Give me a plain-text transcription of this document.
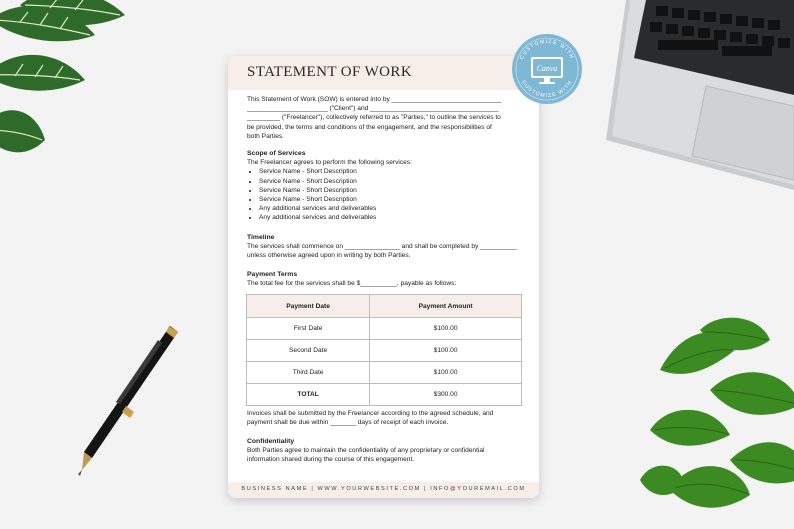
STATEMENT OF WORK

This Statement of Work (SOW) is entered into by ______________________________

______________________ ("Client") and ___________________________________

_________ ("Freelancer"), collectively referred to as "Parties," to outline the services to

be provided, the terms and conditions of the engagement, and the responsibilities of

both Parties.

Scope of Services

The Freelancer agrees to perform the following services:

• Service Name - Short Description
• Service Name - Short Description
• Service Name - Short Description
• Service Name - Short Description
• Any additional services and deliverables
• Any additional services and deliverables

Timeline

The services shall commence on _______________ and shall be completed by __________

unless otherwise agreed upon in writing by both Parties.

Payment Terms

The total fee for the services shall be $__________, payable as follows:

Payment Date	Payment Amount
First Date	$100.00
Second Date	$100.00
Third Date	$100.00
TOTAL	$300.00

Invoices shall be submitted by the Freelancer according to the agreed schedule, and

payment shall be due within _______ days of receipt of each invoice.

Confidentiality

Both Parties agree to maintain the confidentiality of any proprietary or confidential

information shared during the course of this engagement.

BUSINESS NAME | WWW.YOURWEBSITE.COM | INFO@YOUREMAIL.COM
CUSTOMIZE WITH
CUSTOMIZE WITH
Canva
